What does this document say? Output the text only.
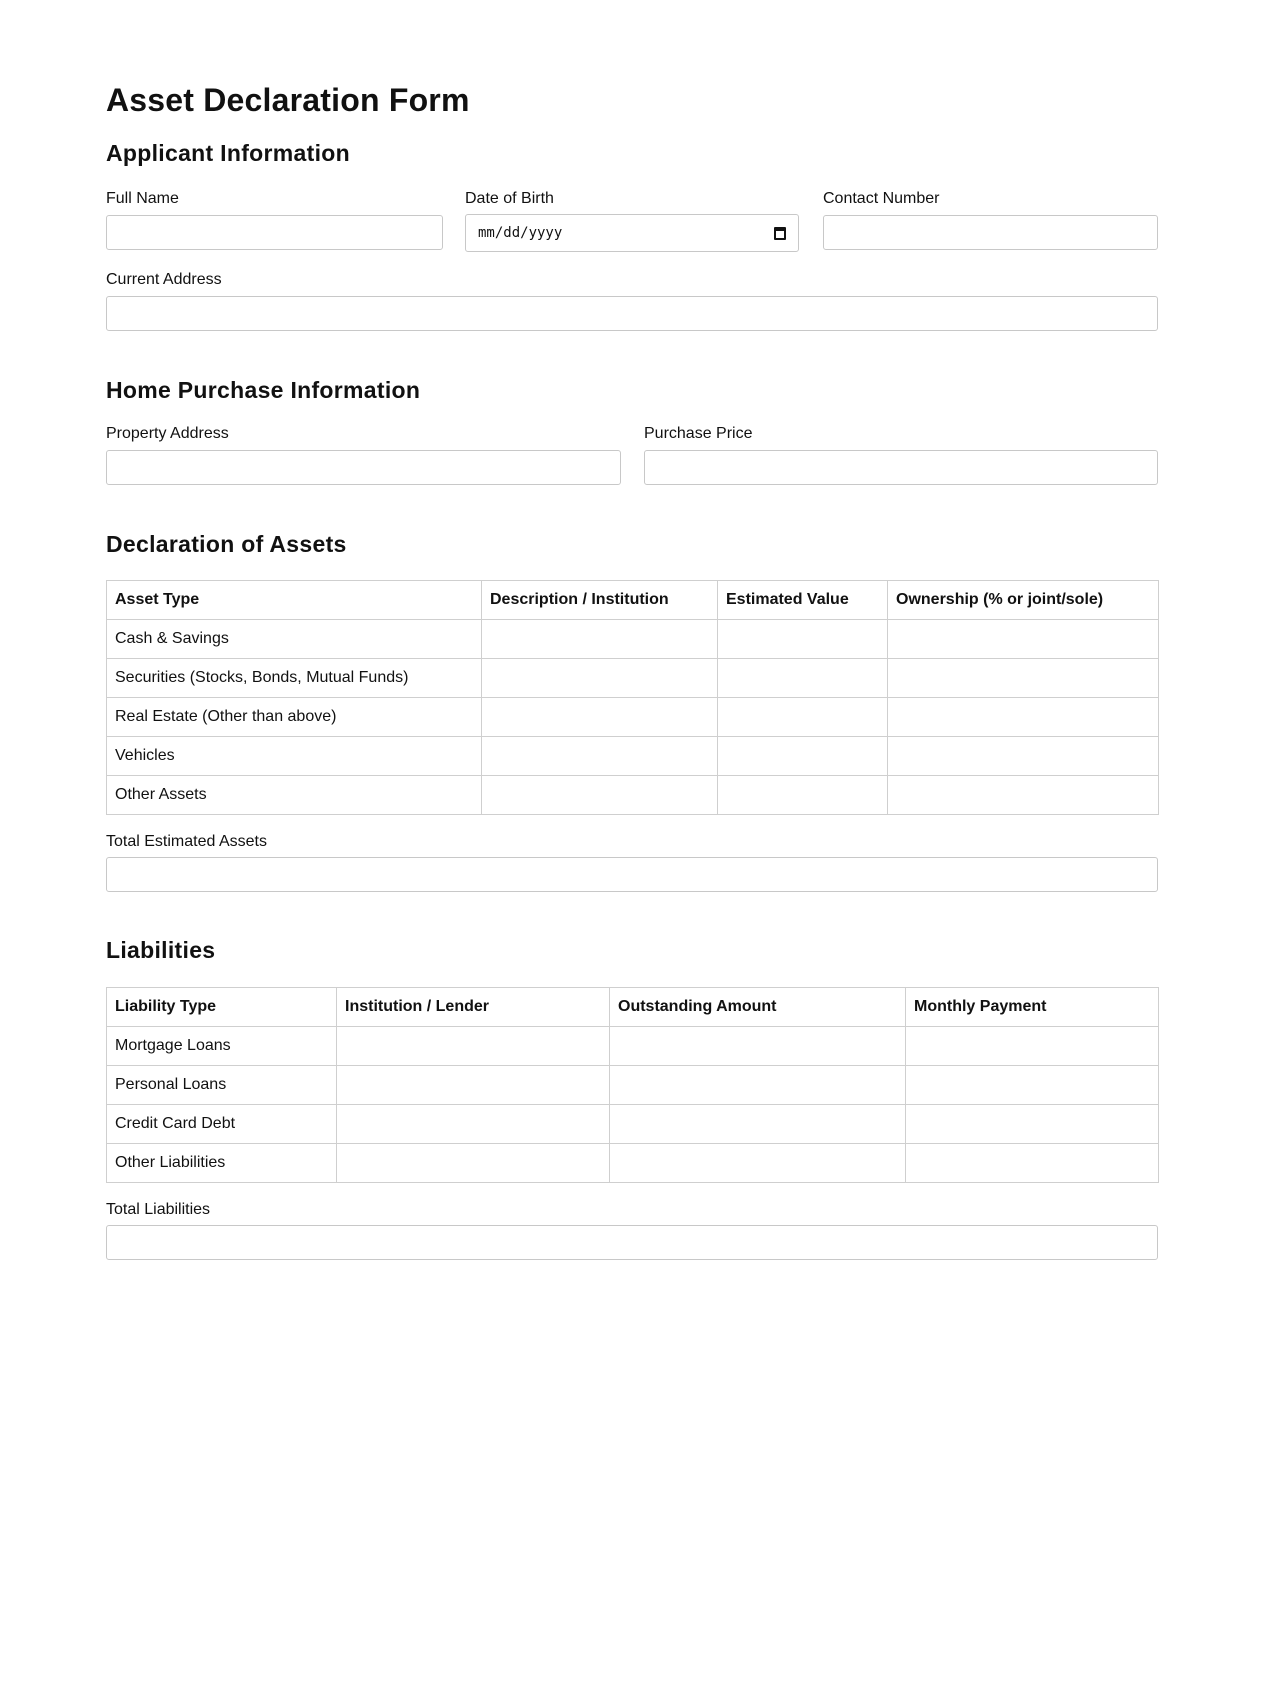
Asset Declaration Form
Applicant Information
Full Name	Date of Birth
mm/dd/yyyy
Contact Number
Current Address
Home Purchase Information
Property Address	Purchase Price
Declaration of Assets
Asset Type	Description / Institution	Estimated Value	Ownership (% or joint/sole)
Cash & Savings			
Securities (Stocks, Bonds, Mutual Funds)			
Real Estate (Other than above)			
Vehicles			
Other Assets			
Total Estimated Assets
Liabilities
Liability Type	Institution / Lender	Outstanding Amount	Monthly Payment
Mortgage Loans			
Personal Loans			
Credit Card Debt			
Other Liabilities			
Total Liabilities
